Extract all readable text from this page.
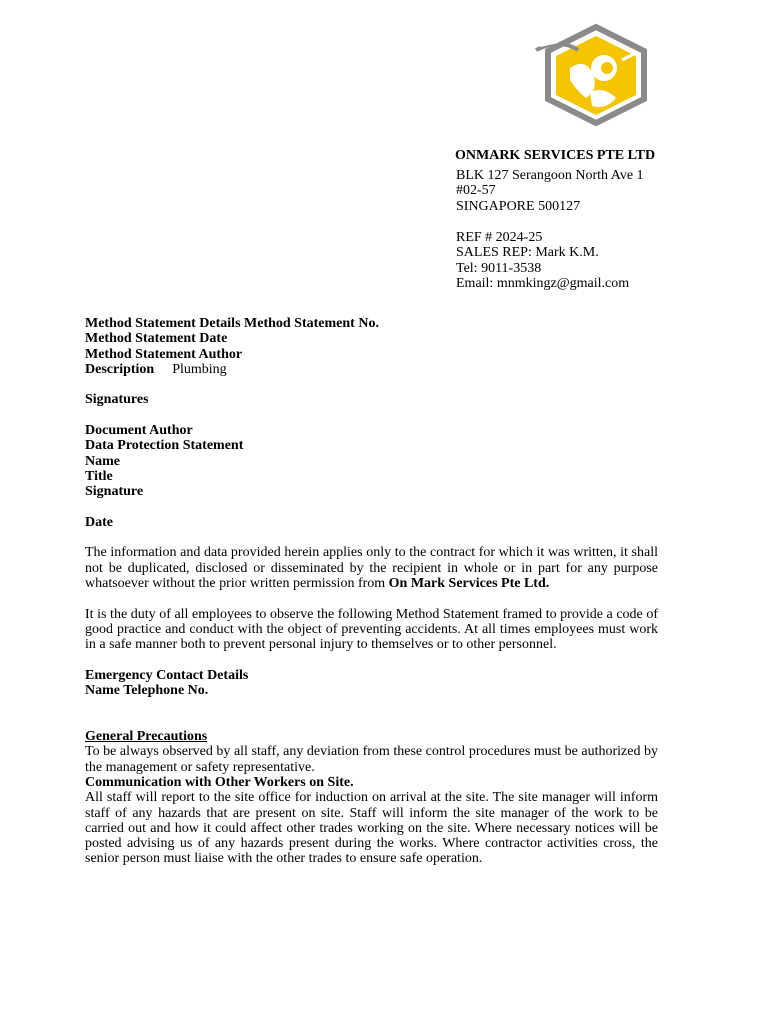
ONMARK SERVICES PTE LTD
BLK 127 Serangoon North Ave 1
#02-57
SINGAPORE 500127
REF # 2024-25
SALES REP: Mark K.M.
Tel: 9011-3538
Email: mnmkingz@gmail.com
Method Statement Details Method Statement No.
Method Statement Date
Method Statement Author
Description Plumbing
Signatures
Document Author
Data Protection Statement
Name
Title
Signature
Date

The information and data provided herein applies only to the contract for which it was written, it shall not be duplicated, disclosed or disseminated by the recipient in whole or in part for any purpose whatsoever without the prior written permission from On Mark Services Pte Ltd.

It is the duty of all employees to observe the following Method Statement framed to provide a code of good practice and conduct with the object of preventing accidents. At all times employees must work in a safe manner both to prevent personal injury to themselves or to other personnel.

Emergency Contact Details
Name Telephone No.
General Precautions

To be always observed by all staff, any deviation from these control procedures must be authorized by the management or safety representative.

Communication with Other Workers on Site.

All staff will report to the site office for induction on arrival at the site. The site manager will inform staff of any hazards that are present on site. Staff will inform the site manager of the work to be carried out and how it could affect other trades working on the site. Where necessary notices will be posted advising us of any hazards present during the works. Where contractor activities cross, the senior person must liaise with the other trades to ensure safe operation.
